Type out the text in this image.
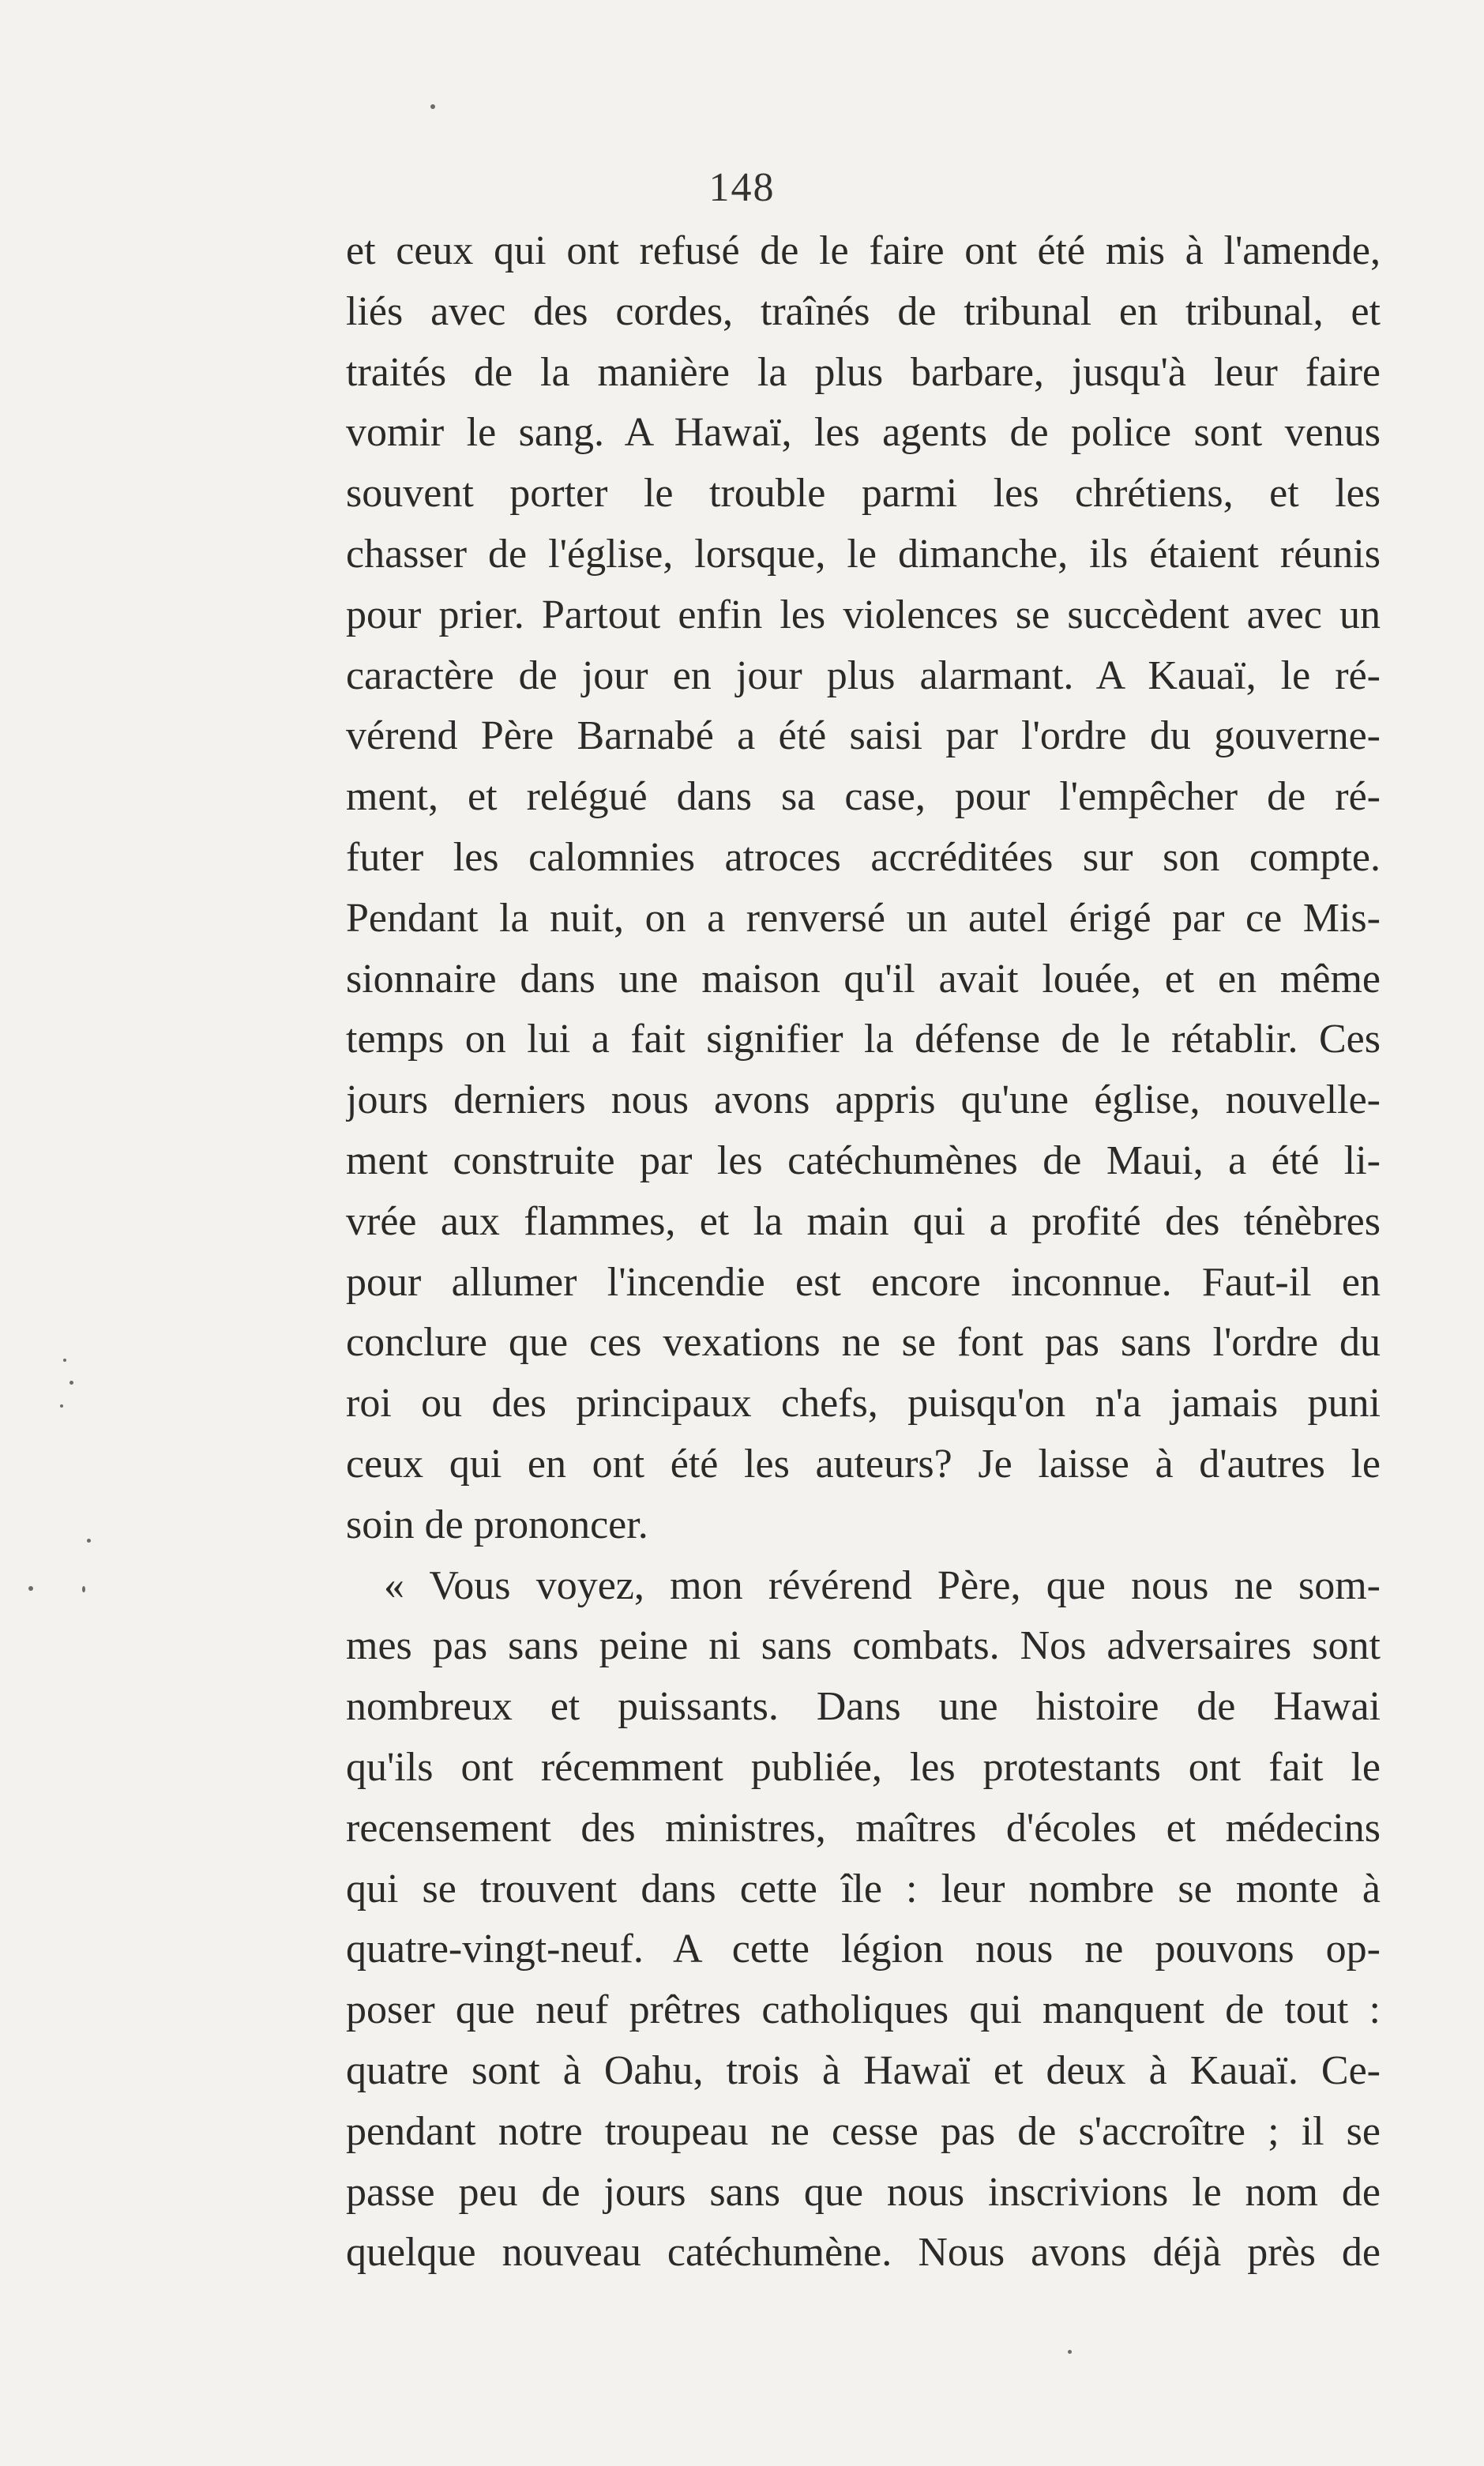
148
et ceux qui ont refusé de le faire ont été mis à l'amende,
liés avec des cordes, traînés de tribunal en tribunal, et
traités de la manière la plus barbare, jusqu'à leur faire
vomir le sang. A Hawaï, les agents de police sont venus
souvent porter le trouble parmi les chrétiens, et les
chasser de l'église, lorsque, le dimanche, ils étaient réunis
pour prier. Partout enfin les violences se succèdent avec un
caractère de jour en jour plus alarmant. A Kauaï, le ré-
vérend Père Barnabé a été saisi par l'ordre du gouverne-
ment, et relégué dans sa case, pour l'empêcher de ré-
futer les calomnies atroces accréditées sur son compte.
Pendant la nuit, on a renversé un autel érigé par ce Mis-
sionnaire dans une maison qu'il avait louée, et en même
temps on lui a fait signifier la défense de le rétablir. Ces
jours derniers nous avons appris qu'une église, nouvelle-
ment construite par les catéchumènes de Maui, a été li-
vrée aux flammes, et la main qui a profité des ténèbres
pour allumer l'incendie est encore inconnue. Faut-il en
conclure que ces vexations ne se font pas sans l'ordre du
roi ou des principaux chefs, puisqu'on n'a jamais puni
ceux qui en ont été les auteurs? Je laisse à d'autres le
soin de prononcer.
« Vous voyez, mon révérend Père, que nous ne som-
mes pas sans peine ni sans combats. Nos adversaires sont
nombreux et puissants. Dans une histoire de Hawai
qu'ils ont récemment publiée, les protestants ont fait le
recensement des ministres, maîtres d'écoles et médecins
qui se trouvent dans cette île : leur nombre se monte à
quatre-vingt-neuf. A cette légion nous ne pouvons op-
poser que neuf prêtres catholiques qui manquent de tout :
quatre sont à Oahu, trois à Hawaï et deux à Kauaï. Ce-
pendant notre troupeau ne cesse pas de s'accroître ; il se
passe peu de jours sans que nous inscrivions le nom de
quelque nouveau catéchumène. Nous avons déjà près de
